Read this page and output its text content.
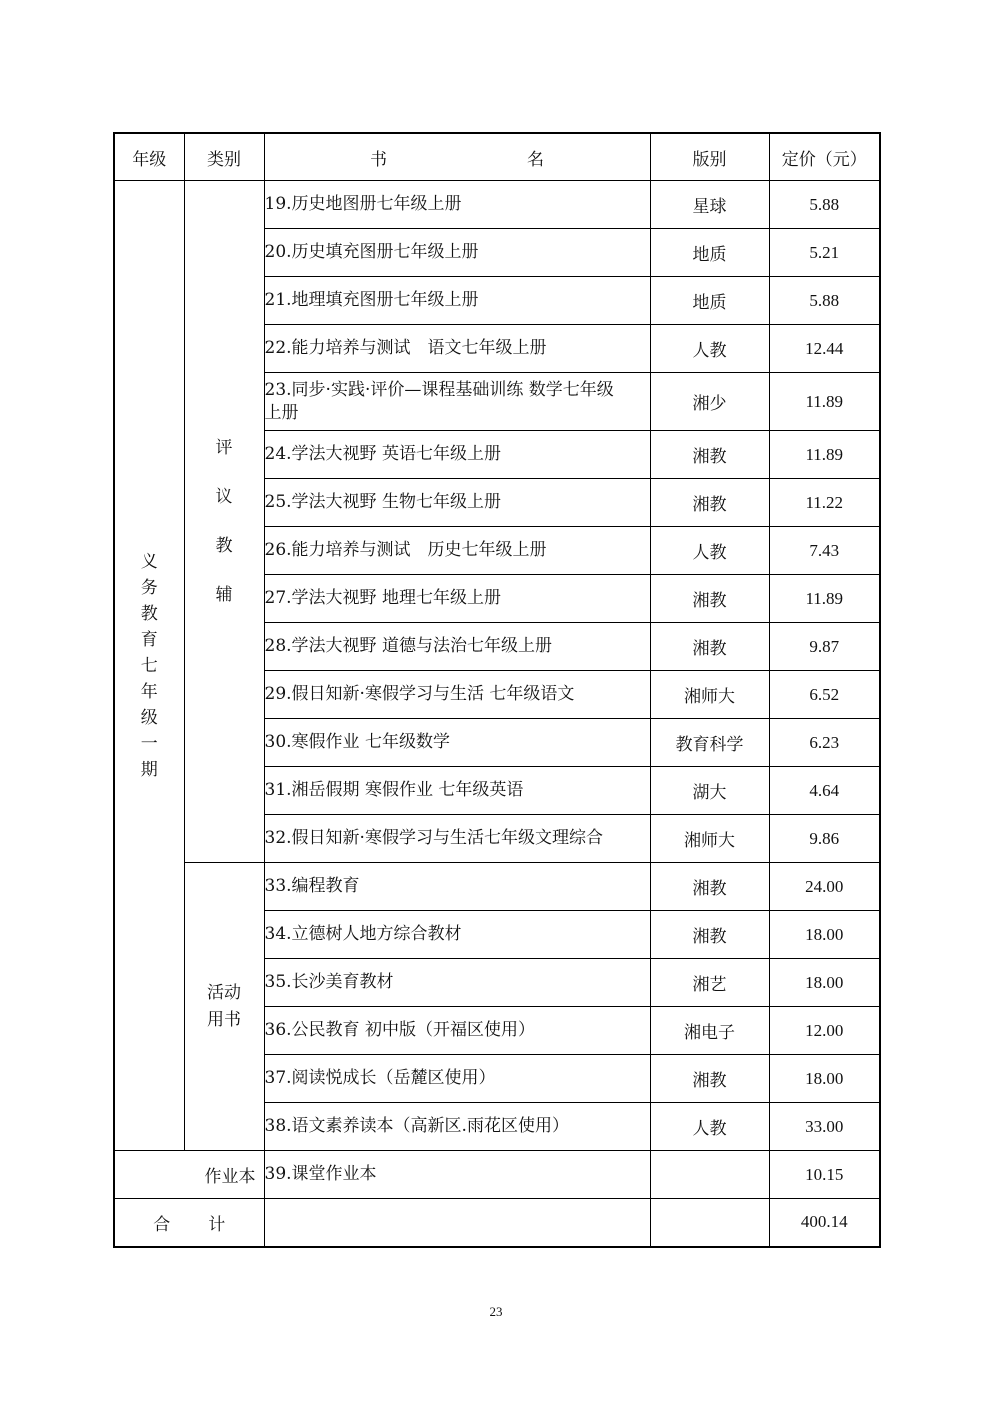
年级	类别	书 名	版别	定价（元）
义务教育七年级一期	评议教辅	19.历史地图册七年级上册	星球	5.88
		20.历史填充图册七年级上册	地质	5.21
		21.地理填充图册七年级上册	地质	5.88
		22.能力培养与测试　语文七年级上册	人教	12.44
		23.同步·实践·评价—课程基础训练 数学七年级上册	湘少	11.89
		24.学法大视野 英语七年级上册	湘教	11.89
		25.学法大视野 生物七年级上册	湘教	11.22
		26.能力培养与测试　历史七年级上册	人教	7.43
		27.学法大视野 地理七年级上册	湘教	11.89
		28.学法大视野 道德与法治七年级上册	湘教	9.87
		29.假日知新·寒假学习与生活 七年级语文	湘师大	6.52
		30.寒假作业 七年级数学	教育科学	6.23
		31.湘岳假期 寒假作业 七年级英语	湖大	4.64
		32.假日知新·寒假学习与生活七年级文理综合	湘师大	9.86
	活动用书	33.编程教育	湘教	24.00
		34.立德树人地方综合教材	湘教	18.00
		35.长沙美育教材	湘艺	18.00
		36.公民教育 初中版（开福区使用）	湘电子	12.00
		37.阅读悦成长（岳麓区使用）	湘教	18.00
		38.语文素养读本（高新区.雨花区使用）	人教	33.00
作业本		39.课堂作业本		10.15
合 计				400.14
23
